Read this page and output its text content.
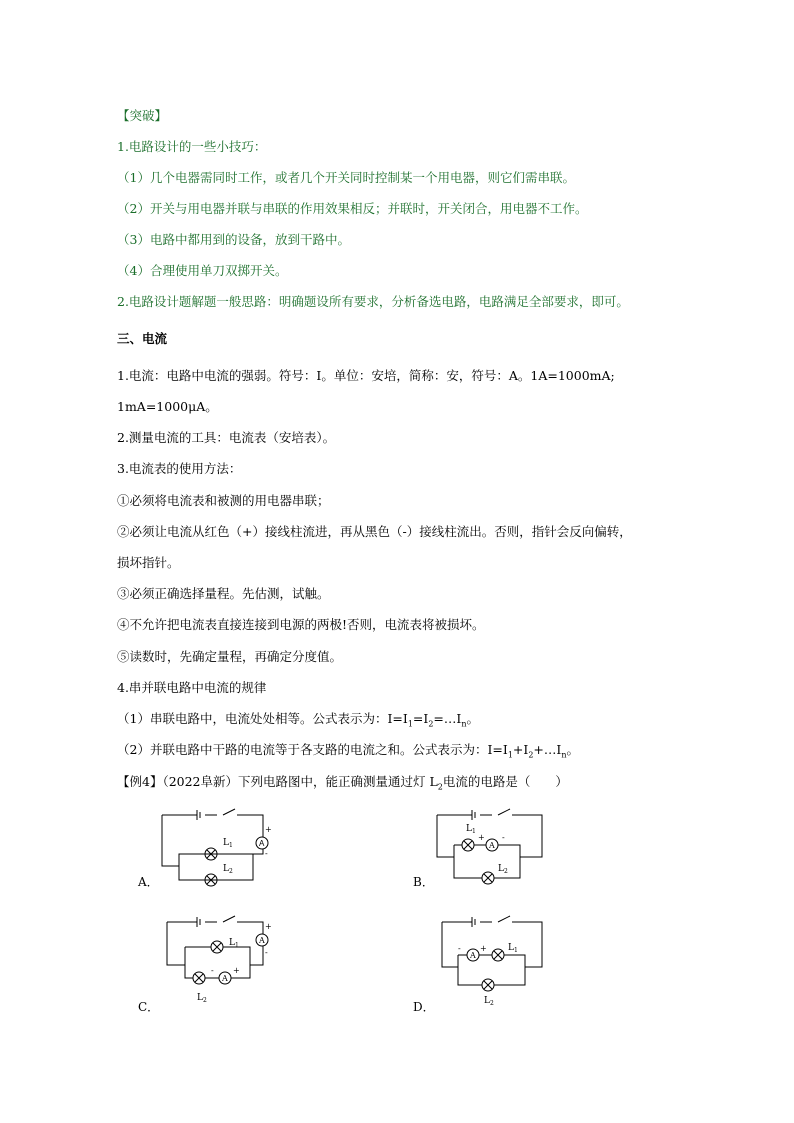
【突破】
1.电路设计的一些小技巧：
（1）几个电器需同时工作，或者几个开关同时控制某一个用电器，则它们需串联。
（2）开关与用电器并联与串联的作用效果相反；并联时，开关闭合，用电器不工作。
（3）电路中都用到的设备，放到干路中。
（4）合理使用单刀双掷开关。
2.电路设计题解题一般思路：明确题设所有要求，分析备选电路，电路满足全部要求，即可。
三、电流
1.电流：电路中电流的强弱。符号：I。单位：安培，简称：安，符号：A。1A=1000mA;
1mA=1000μA。
2.测量电流的工具：电流表（安培表）。
3.电流表的使用方法：
①必须将电流表和被测的用电器串联；
②必须让电流从红色（+）接线柱流进，再从黑色（-）接线柱流出。否则，指针会反向偏转，
损坏指针。
③必须正确选择量程。先估测，试触。
④不允许把电流表直接连接到电源的两极!否则，电流表将被损坏。
⑤读数时，先确定量程，再确定分度值。
4.串并联电路中电流的规律
（1）串联电路中，电流处处相等。公式表示为：$I=I_1=I_2=\dots I_n$。
（2）并联电路中干路的电流等于各支路的电流之和。公式表示为：$I=I_1+I_2+\dots I_n$。
【例4】（2022阜新）下列电路图中，能正确测量通过灯 $L_2$电流的电路是（　　）
A．
A
+
-
$L_1$
$L_2$
B．
A
+ -
$L_1$
$L_2$
C．
A
A
+
-
- +
$L_1$
$L_2$	D．
A
- + $L_1$
$L_2$
